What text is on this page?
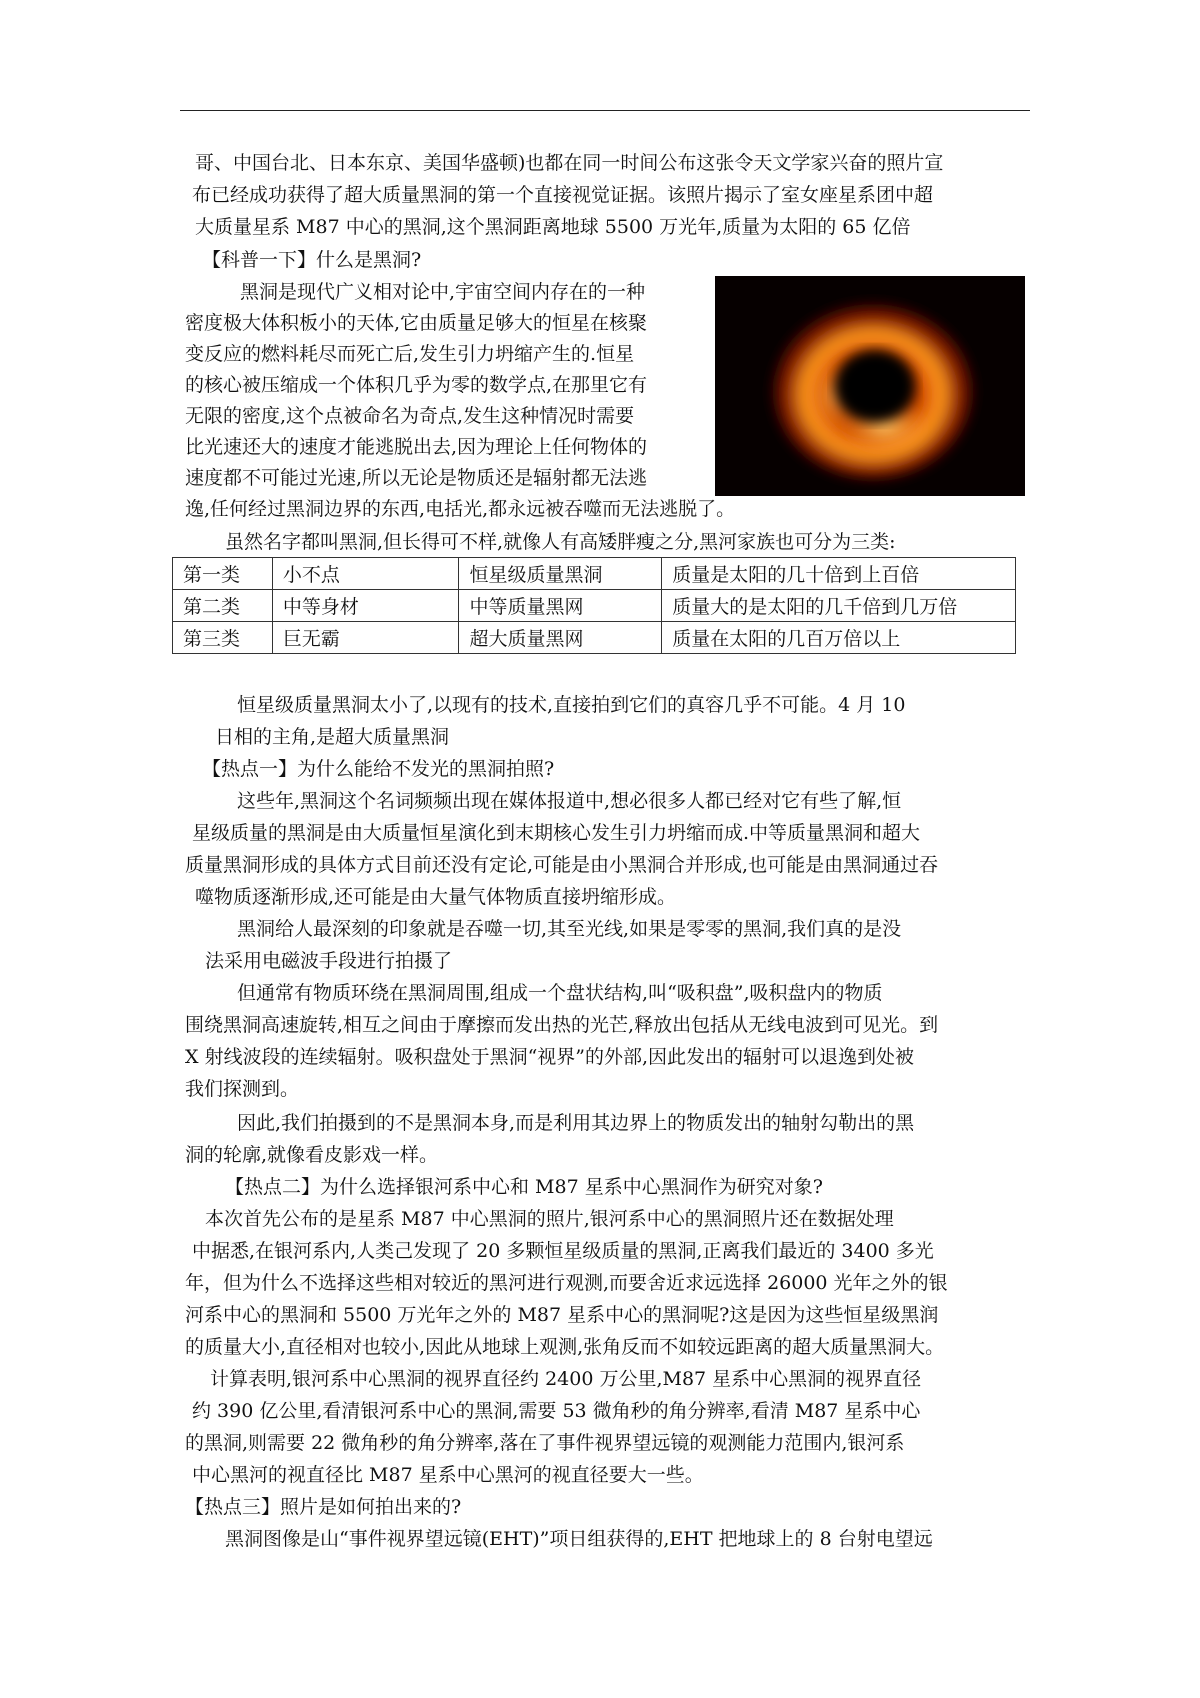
哥、中国台北、日本东京、美国华盛顿)也都在同一时间公布这张令天文学家兴奋的照片宣
布已经成功获得了超大质量黑洞的第一个直接视觉证据。该照片揭示了室女座星系团中超
大质量星系 M87 中心的黑洞,这个黑洞距离地球 5500 万光年,质量为太阳的 65 亿倍
【科普一下】什么是黑洞?
黑洞是现代广义相对论中,宇宙空间内存在的一种
密度极大体积板小的天体,它由质量足够大的恒星在核聚
变反应的燃料耗尽而死亡后,发生引力坍缩产生的.恒星
的核心被压缩成一个体积几乎为零的数学点,在那里它有
无限的密度,这个点被命名为奇点,发生这种情况时需要
比光速还大的速度才能逃脱出去,因为理论上任何物体的
速度都不可能过光速,所以无论是物质还是辐射都无法逃
逸,任何经过黑洞边界的东西,电括光,都永远被吞噬而无法逃脱了。
虽然名字都叫黑洞,但长得可不样,就像人有高矮胖瘦之分,黑河家族也可分为三类:
第一类	小不点	恒星级质量黑洞	质量是太阳的几十倍到上百倍
第二类	中等身材	中等质量黑网	质量大的是太阳的几千倍到几万倍
第三类	巨无霸	超大质量黑网	质量在太阳的几百万倍以上
恒星级质量黑洞太小了,以现有的技术,直接拍到它们的真容几乎不可能。4 月 10
日相的主角,是超大质量黑洞
【热点一】为什么能给不发光的黑洞拍照?
这些年,黑洞这个名词频频出现在媒体报道中,想必很多人都已经对它有些了解,恒
星级质量的黑洞是由大质量恒星演化到末期核心发生引力坍缩而成.中等质量黑洞和超大
质量黑洞形成的具体方式目前还没有定论,可能是由小黑洞合并形成,也可能是由黑洞通过吞
噬物质逐渐形成,还可能是由大量气体物质直接坍缩形成。
黑洞给人最深刻的印象就是吞噬一切,其至光线,如果是零零的黑洞,我们真的是没
法采用电磁波手段进行拍摄了
但通常有物质环绕在黑洞周围,组成一个盘状结构,叫“吸积盘”,吸积盘内的物质
围绕黑洞高速旋转,相互之间由于摩擦而发出热的光芒,释放出包括从无线电波到可见光。到
X 射线波段的连续辐射。吸积盘处于黑洞“视界”的外部,因此发出的辐射可以退逸到处被
我们探测到。
因此,我们拍摄到的不是黑洞本身,而是利用其边界上的物质发出的轴射勾勒出的黑
洞的轮廓,就像看皮影戏一样。
【热点二】为什么选择银河系中心和 M87 星系中心黑洞作为研究对象?
本次首先公布的是星系 M87 中心黑洞的照片,银河系中心的黑洞照片还在数据处理
中据悉,在银河系内,人类己发现了 20 多颗恒星级质量的黑洞,正离我们最近的 3400 多光
年，但为什么不选择这些相对较近的黑河进行观测,而要舍近求远选择 26000 光年之外的银
河系中心的黑洞和 5500 万光年之外的 M87 星系中心的黑洞呢?这是因为这些恒星级黑润
的质量大小,直径相对也较小,因此从地球上观测,张角反而不如较远距离的超大质量黑洞大。
计算表明,银河系中心黑洞的视界直径约 2400 万公里,M87 星系中心黑洞的视界直径
约 390 亿公里,看清银河系中心的黑洞,需要 53 微角秒的角分辨率,看清 M87 星系中心
的黑洞,则需要 22 微角秒的角分辨率,落在了事件视界望远镜的观测能力范围内,银河系
中心黑河的视直径比 M87 星系中心黑河的视直径要大一些。
【热点三】照片是如何拍出来的?
黑洞图像是山“事件视界望远镜(EHT)”项日组获得的,EHT 把地球上的 8 台射电望远
